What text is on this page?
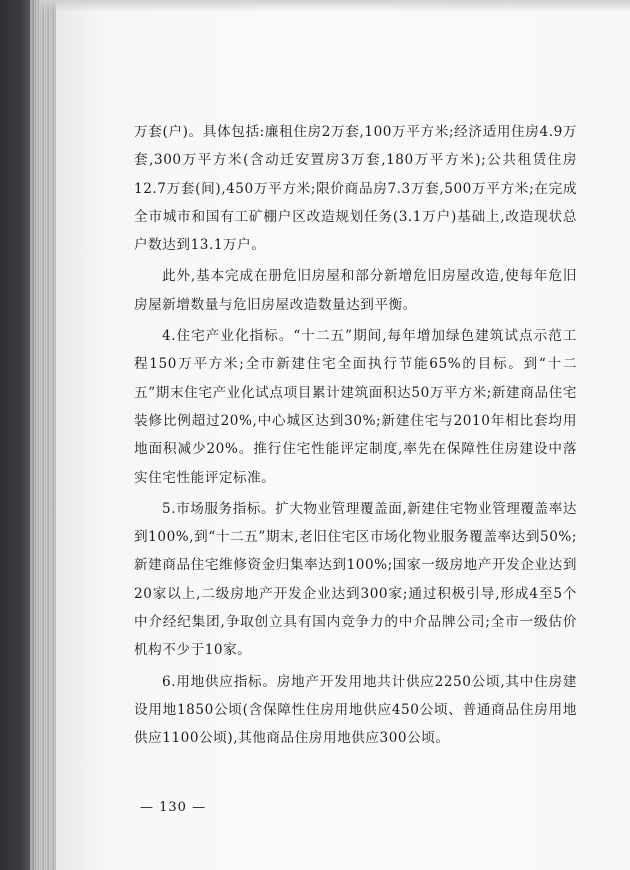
万套(户)。具体包括:廉租住房2万套,100万平方米;经济适用住房4.9万套,300万平方米(含动迁安置房3万套,180万平方米);公共租赁住房12.7万套(间),450万平方米;限价商品房7.3万套,500万平方米;在完成全市城市和国有工矿棚户区改造规划任务(3.1万户)基础上,改造现状总户数达到13.1万户。

此外,基本完成在册危旧房屋和部分新增危旧房屋改造,使每年危旧房屋新增数量与危旧房屋改造数量达到平衡。

4.住宅产业化指标。“十二五”期间,每年增加绿色建筑试点示范工程150万平方米;全市新建住宅全面执行节能65%的目标。到“十二五”期末住宅产业化试点项目累计建筑面积达50万平方米;新建商品住宅装修比例超过20%,中心城区达到30%;新建住宅与2010年相比套均用地面积减少20%。推行住宅性能评定制度,率先在保障性住房建设中落实住宅性能评定标准。

5.市场服务指标。扩大物业管理覆盖面,新建住宅物业管理覆盖率达到100%,到“十二五”期末,老旧住宅区市场化物业服务覆盖率达到50%;新建商品住宅维修资金归集率达到100%;国家一级房地产开发企业达到20家以上,二级房地产开发企业达到300家;通过积极引导,形成4至5个中介经纪集团,争取创立具有国内竞争力的中介品牌公司;全市一级估价机构不少于10家。

6.用地供应指标。房地产开发用地共计供应2250公顷,其中住房建设用地1850公顷(含保障性住房用地供应450公顷、普通商品住房用地供应1100公顷),其他商品住房用地供应300公顷。

— 130 —
